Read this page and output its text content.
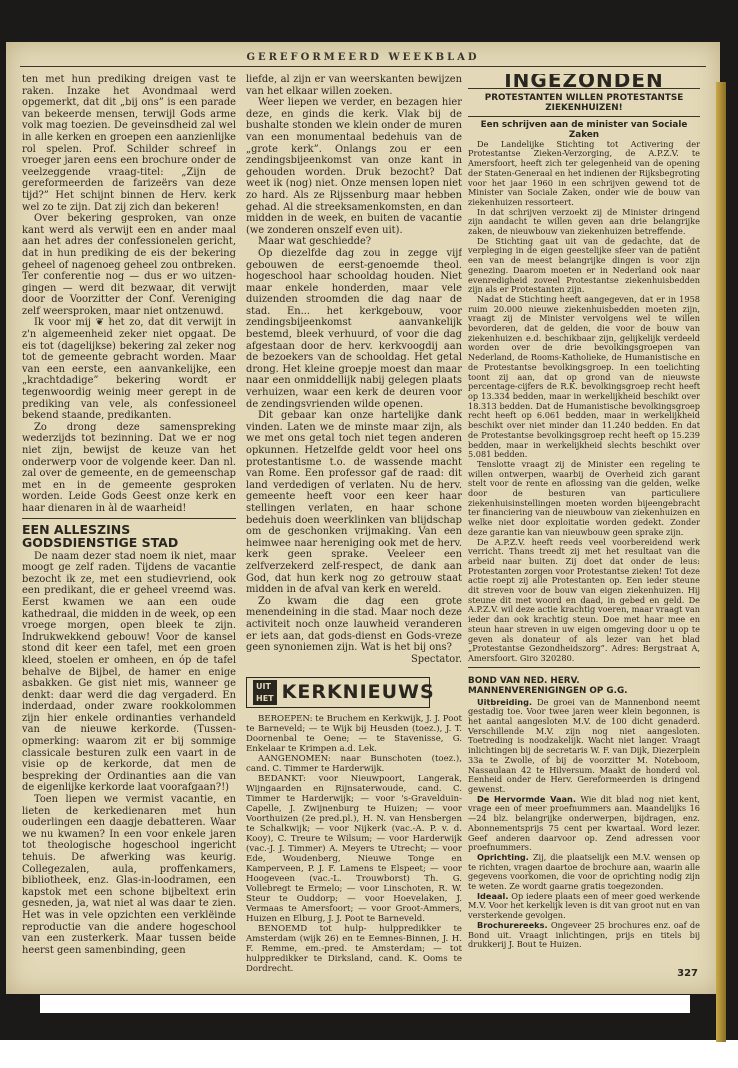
GEREFORMEERD WEEKBLAD

ten met hun prediking dreigen vast te raken. Inzake het Avondmaal werd opgemerkt, dat dit „bij ons” is een parade van bekeerde mensen, terwijl Gods arme volk mag toezien. De geveinsdheid zal wel in alle kerken en groepen een aanzienlijke rol spelen. Prof. Schilder schreef in vroeger jaren eens een brochure onder de veelzeggende vraag-titel: „Zijn de gereformeerden de farizeërs van deze tijd?” Het schijnt binnen de Herv. kerk wel zo te zijn. Dat zij zich dan bekeren!

Over bekering gesproken, van onze kant werd als verwijt een en ander maal aan het adres der confessionelen gericht, dat in hun prediking de eis der bekering geheel of nagenoeg geheel zou ontbreken. Ter conferentie nog — dus er wo uitzen-gingen — werd dit bezwaar, dit verwijt door de Voorzitter der Conf. Vereniging zelf weersproken, maar niet ontzenuwd.

Ik voor mij ❦ het zo, dat dit verwijt in z'n algemeenheid zeker niet opgaat. De eis tot (dagelijkse) bekering zal zeker nog tot de gemeente gebracht worden. Maar van een eerste, een aanvankelijke, een „krachtdadige” bekering wordt er tegenwoordig weinig meer gerept in de prediking van vele, als confessioneel bekend staande, predikanten.

Zo drong deze samenspreking wederzijds tot bezinning. Dat we er nog niet zijn, bewijst de keuze van het onderwerp voor de volgende keer. Dan nl. zal over de gemeente, en de gemeenschap met en in de gemeente gesproken worden. Leide Gods Geest onze kerk en haar dienaren in àl de waarheid!

EEN ALLESZINS GODSDIENSTIGE STAD

De naam dezer stad noem ik niet, maar moogt ge zelf raden. Tijdens de vacantie bezocht ik ze, met een studievriend, ook een predikant, die er geheel vreemd was. Eerst kwamen we aan een oude kathedraal, die midden in de week, op een vroege morgen, open bleek te zijn. Indrukwekkend gebouw! Voor de kansel stond dit keer een tafel, met een groen kleed, stoelen er omheen, en óp de tafel behalve de Bijbel, de hamer en enige asbakken. Ge gist niet mis, wanneer ge denkt: daar werd die dag vergaderd. En inderdaad, onder zware rookkolommen zijn hier enkele ordinanties verhandeld van de nieuwe kerkorde. (Tussen-opmerking: waarom zit er bij sommige classicale besturen zulk een vaart in de visie op de kerkorde, dat men de bespreking der Ordinanties aan die van de eigenlijke kerkorde laat voorafgaan?!)

Toen liepen we vermist vacantie, en lieten de kerkedienaren met hun ouderlingen een daagje debatteren. Waar we nu kwamen? In een voor enkele jaren tot theologische hogeschool ingericht tehuis. De afwerking was keurig. Collegezalen, aula, proffenkamers, bibliotheek, enz. Glas-in-loodramen, een kapstok met een schone bijbeltext erin gesneden, ja, wat niet al was daar te zien. Het was in vele opzichten een verklëinde reproductie van die andere hogeschool van een zusterkerk. Maar tussen beide heerst geen samenbinding, geen

liefde, al zijn er van weerskanten bewijzen van het elkaar willen zoeken.

Weer liepen we verder, en bezagen hier deze, en ginds die kerk. Vlak bij de bushalte stonden we klein onder de muren van een monumentaal bedehuis van de „grote kerk”. Onlangs zou er een zendingsbijeenkomst van onze kant in gehouden worden. Druk bezocht? Dat weet ik (nog) niet. Onze mensen lopen niet zo hard. Als ze Rijssenburg maar hebben gehad. Al die streeksamenkomsten, en dan midden in de week, en buiten de vacantie (we zonderen onszelf even uit).

Maar wat geschiedde?

Op diezelfde dag zou in zegge vijf gebouwen de eerst-genoemde theol. hogeschool haar schooldag houden. Niet maar enkele honderden, maar vele duizenden stroomden die dag naar de stad. En... het kerkgebouw, voor zendingsbijeenkomst aanvankelijk bestemd, bleek verhuurd, of voor die dag afgestaan door de herv. kerkvoogdij aan de bezoekers van de schooldag. Het getal drong. Het kleine groepje moest dan maar naar een onmiddellijk nabij gelegen plaats verhuizen, waar een kerk de deuren voor de zendingsvrienden wilde openen.

Dit gebaar kan onze hartelijke dank vinden. Laten we de minste maar zijn, als we met ons getal toch niet tegen anderen opkunnen. Hetzelfde geldt voor heel ons protestantisme t.o. de wassende macht van Rome. Een professor gaf de raad: dit land verdedigen of verlaten. Nu de herv. gemeente heeft voor een keer haar stellingen verlaten, en haar schone bedehuis doen weerklinken van blijdschap om de geschonken vrijmaking. Van een heimwee naar hereniging ook met de herv. kerk geen sprake. Veeleer een zelfverzekerd zelf-respect, de dank aan God, dat hun kerk nog zo getrouw staat midden in de afval van kerk en wereld.

Zo kwam die dag een grote menendeining in die stad. Maar noch deze activiteit noch onze lauwheid veranderen er iets aan, dat gods-dienst en Gods-vreze geen synoniemen zijn. Wat is het bij ons?

Spectator.

UIT HET KERKNIEUWS

BEROEPEN: te Bruchem en Kerkwijk, J. J. Poot te Barneveld; — te Wijk bij Heusden (toez.), J. T. Doornenbal te Oene; — te Stavenisse, G. Enkelaar te Krimpen a.d. Lek.

AANGENOMEN: naar Bunschoten (toez.), cand. C. Timmer te Harderwijk.

BEDANKT: voor Nieuwpoort, Langerak, Wijngaarden en Rijnsaterwoude, cand. C. Timmer te Harderwijk; — voor 's-Gravelduin-Capelle, J. Zwijnenburg te Huizen; — voor Voorthuizen (2e pred.pl.), H. N. van Hensbergen te Schalkwijk; — voor Nijkerk (vac.-A. P. v. d. Kooy), C. Treure te Wilsum; — voor Harderwijk (vac.-J. J. Timmer) A. Meyers te Utrecht; — voor Ede, Woudenberg, Nieuwe Tonge en Kamperveen, P. J. F. Lamens te Elspeet; — voor Hoogeveen (vac.-L. Trouwborst) Th. G. Vollebregt te Ermelo; — voor Linschoten, R. W. Steur te Ouddorp; — voor Hoevelaken, J. Vermaas te Amersfoort; — voor Groot-Ammers, Huizen en Elburg, J. J. Poot te Barneveld.

BENOEMD tot hulp- hulppredikker te Amsterdam (wijk 26) en te Eemnes-Binnen, J. H. F. Remme, em.-pred. te Amsterdam; — tot hulppredikker te Dirksland, cand. K. Ooms te Dordrecht.

INGEZONDEN

PROTESTANTEN WILLEN PROTESTANTSE ZIEKENHUIZEN!

Een schrijven aan de minister van Sociale Zaken

De Landelijke Stichting tot Activering der Protestantse Zieken-Verzorging, de A.P.Z.V. te Amersfoort, heeft zich ter gelegenheid van de opening der Staten-Generaal en het indienen der Rijksbegroting voor het jaar 1960 in een schrijven gewend tot de Minister van Sociale Zaken, onder wie de bouw van ziekenhuizen ressorteert.

In dat schrijven verzoekt zij de Minister dringend zijn aandacht te willen geven aan drie belangrijke zaken, de nieuwbouw van ziekenhuizen betreffende.

De Stichting gaat uit van de gedachte, dat de verpleging in de eigen geestelijke sfeer van de patiënt een van de meest belangrijke dingen is voor zijn genezing. Daarom moeten er in Nederland ook naar evenredigheid zoveel Protestantse ziekenhuisbedden zijn als er Protestanten zijn.

Nadat de Stichting heeft aangegeven, dat er in 1958 ruim 20.000 nieuwe ziekenhuisbedden moeten zijn, vraagt zij de Minister vervolgens wel te willen bevorderen, dat de gelden, die voor de bouw van ziekenhuizen e.d. beschikbaar zijn, gelijkelijk verdeeld worden over de drie bevolkingsgroepen van Nederland, de Rooms-Katholieke, de Humanistische en de Protestantse bevolkingsgroep. In een toelichting toont zij aan, dat op grond van de nieuwste percentage-cijfers de R.K. bevolkingsgroep recht heeft op 13.334 bedden, maar in werkelijkheid beschikt over 18.313 bedden. Dat de Humanistische bevolkingsgroep recht heeft op 6.061 bedden, maar in werkelijkheid beschikt over niet minder dan 11.240 bedden. En dat de Protestantse bevolkingsgroep recht heeft op 15.239 bedden, maar in werkelijkheid slechts beschikt over 5.081 bedden.

Tenslotte vraagt zij de Minister een regeling te willen ontwerpen, waarbij de Overheid zich garant stelt voor de rente en aflossing van die gelden, welke door de besturen van particuliere ziekenhuisinstellingen moeten worden bijeengebracht ter financiering van de nieuwbouw van ziekenhuizen en welke niet door exploitatie worden gedekt. Zonder deze garantie kan van nieuwbouw geen sprake zijn.

De A.P.Z.V. heeft reeds veel voorbereidend werk verricht. Thans treedt zij met het resultaat van die arbeid naar buiten. Zij doet dat onder de leus: Protestanten zorgen voor Protestantse zieken! Tot deze actie roept zij alle Protestanten op. Een ieder steune dit streven voor de bouw van eigen ziekenhuizen. Hij steune dit met woord en daad, in gebed en geld. De A.P.Z.V. wil deze actie krachtig voeren, maar vraagt van ieder dan ook krachtig steun. Doe met haar mee en steun haar streven in uw eigen omgeving door u op te geven als donateur of als lezer van het blad „Protestantse Gezondheidszorg”. Adres: Bergstraat A, Amersfoort. Giro 320280.

BOND VAN NED. HERV. MANNENVERENIGINGEN OP G.G.

Uitbreiding. De groei van de Mannenbond neemt gestadig toe. Voor twee jaren weer klein begonnen, is het aantal aangesloten M.V. de 100 dicht genaderd. Verschillende M.V. zijn nog niet aangesloten. Toetreding is noodzakelijk. Wacht niet langer. Vraagt inlichtingen bij de secretaris W. F. van Dijk, Diezerplein 33a te Zwolle, of bij de voorzitter M. Noteboom, Nassaulaan 42 te Hilversum. Maakt de honderd vol. Eenheid onder de Herv. Gereformeerden is dringend gewenst.

De Hervormde Vaan. Wie dit blad nog niet kent, vrage een of meer proefnummers aan. Maandelijks 16—24 blz. belangrijke onderwerpen, bijdragen, enz. Abonnementsprijs 75 cent per kwartaal. Word lezer. Geef anderen daarvoor op. Zend adressen voor proefnummers.

Oprichting. Zij, die plaatselijk een M.V. wensen op te richten, vragen daartoe de brochure aan, waarin alle gegevens voorkomen, die voor de oprichting nodig zijn te weten. Ze wordt gaarne gratis toegezonden.

Ideaal. Op iedere plaats een of meer goed werkende M.V. Voor het kerkelijk leven is dit van groot nut en van versterkende gevolgen.

Brochurereeks. Ongeveer 25 brochures enz. oaf de Bond uit. Vraagt inlichtingen, prijs en titels bij drukkerij J. Bout te Huizen.

327
